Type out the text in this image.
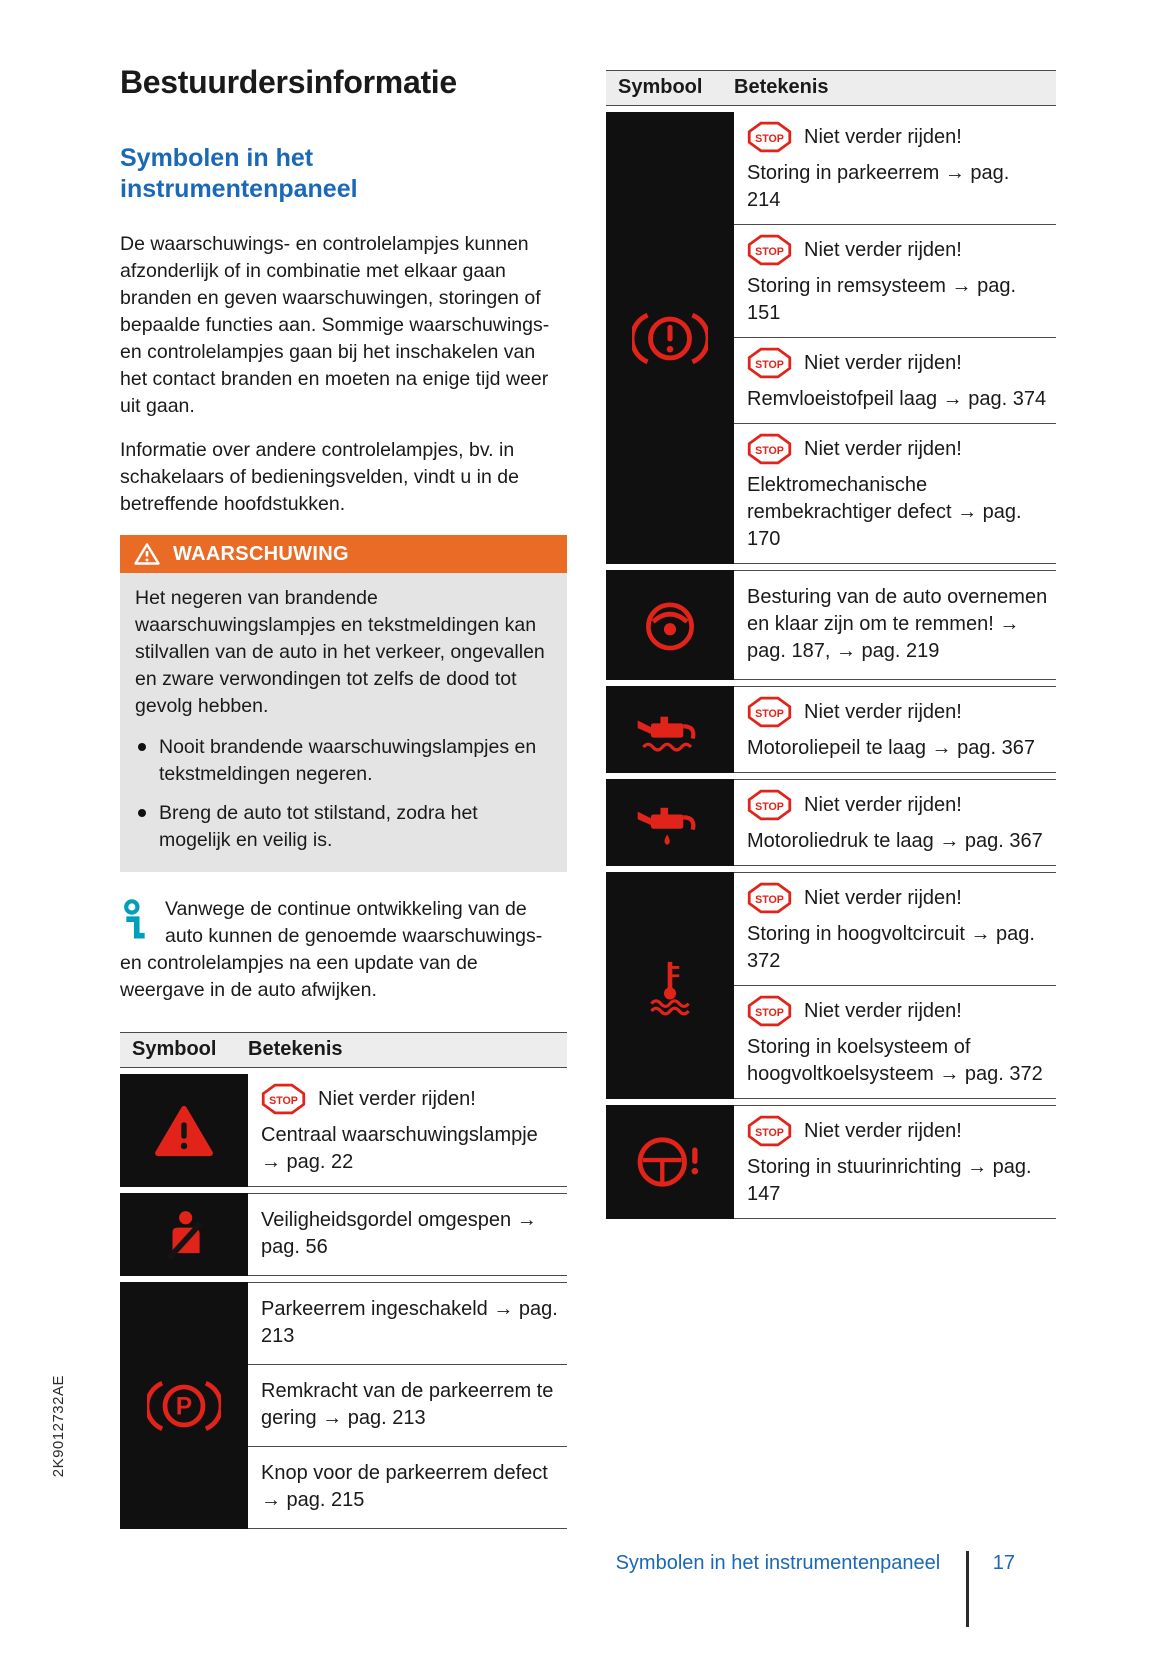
Bestuurdersinformatie
Symbolen in het instrumentenpaneel

De waarschuwings- en controlelampjes kunnen afzonderlijk of in combinatie met elkaar gaan branden en geven waarschuwingen, storingen of bepaalde functies aan. Sommige waarschuwings- en controlelampjes gaan bij het inschakelen van het contact branden en moeten na enige tijd weer uit gaan.

Informatie over andere controlelampjes, bv. in schakelaars of bedieningsvelden, vindt u in de betreffende hoofdstukken.

WAARSCHUWING
Het negeren van brandende waarschuwingslampjes en tekstmeldingen kan stilvallen van de auto in het verkeer, ongevallen en zware verwondingen tot zelfs de dood tot gevolg hebben.
Nooit brandende waarschuwingslampjes en tekstmeldingen negeren.
Breng de auto tot stilstand, zodra het mogelijk en veilig is.
Vanwege de continue ontwikkeling van de auto kunnen de genoemde waarschuwings- en controlelampjes na een update van de weergave in de auto afwijken.
Symbool	Betekenis
Niet verder rijden!
Centraal waarschuwingslampje → pag. 22
Veiligheidsgordel omgespen → pag. 56
Parkeerrem ingeschakeld → pag. 213
Remkracht van de parkeerrem te gering → pag. 213
Knop voor de parkeerrem defect → pag. 215
Symbool	Betekenis
Niet verder rijden!
Storing in parkeerrem → pag. 214
Niet verder rijden!
Storing in remsysteem → pag. 151
Niet verder rijden!
Remvloeistofpeil laag → pag. 374
Niet verder rijden!
Elektromechanische rembekrachtiger defect → pag. 170
Besturing van de auto overnemen en klaar zijn om te remmen! → pag. 187, → pag. 219
Niet verder rijden!
Motoroliepeil te laag → pag. 367
Niet verder rijden!
Motoroliedruk te laag → pag. 367
Niet verder rijden!
Storing in hoogvoltcircuit → pag. 372
Niet verder rijden!
Storing in koelsysteem of hoogvoltkoelsysteem → pag. 372
Niet verder rijden!
Storing in stuurinrichting → pag. 147
2K9012732AE
Symbolen in het instrumentenpaneel	17
